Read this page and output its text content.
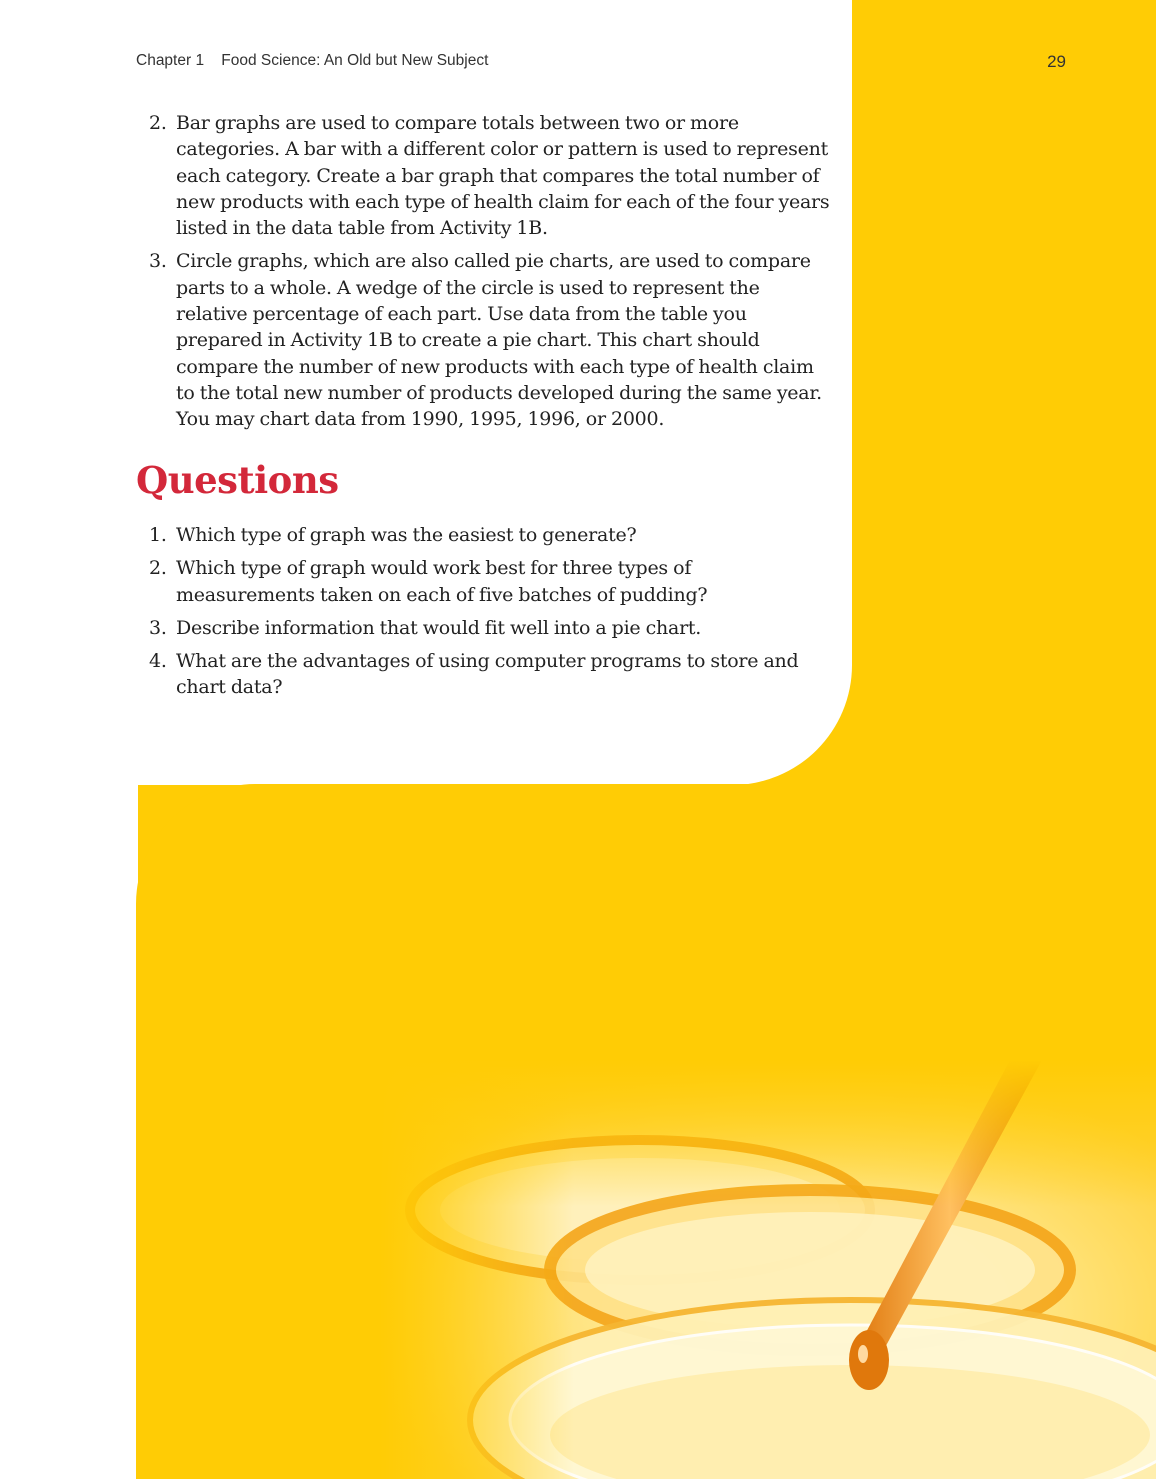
Chapter 1    Food Science: An Old but New Subject	29
2. Bar graphs are used to compare totals between two or more categories. A bar with a different color or pattern is used to represent each category. Create a bar graph that compares the total number of new products with each type of health claim for each of the four years listed in the data table from Activity 1B.
3. Circle graphs, which are also called pie charts, are used to compare parts to a whole. A wedge of the circle is used to represent the relative percentage of each part. Use data from the table you prepared in Activity 1B to create a pie chart. This chart should compare the number of new products with each type of health claim to the total new number of products developed during the same year. You may chart data from 1990, 1995, 1996, or 2000.
Questions
1. Which type of graph was the easiest to generate?
2. Which type of graph would work best for three types of measurements taken on each of five batches of pudding?
3. Describe information that would fit well into a pie chart.
4. What are the advantages of using computer programs to store and chart data?
